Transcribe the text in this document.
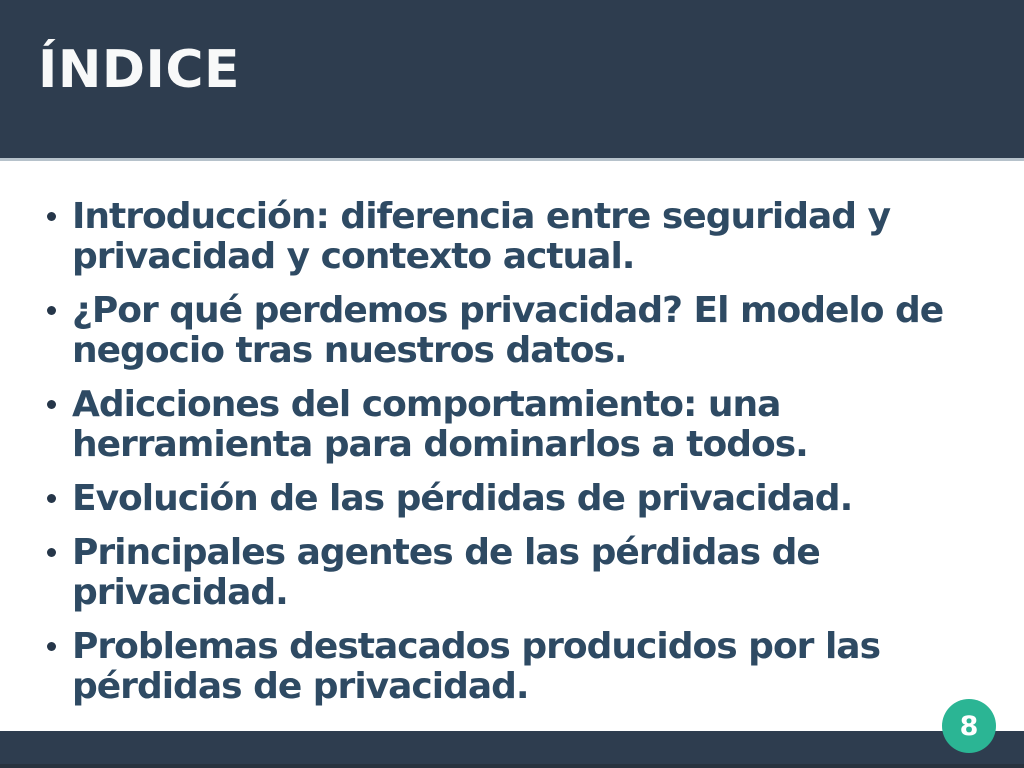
ÍNDICE
Introducción: diferencia entre seguridad y
privacidad y contexto actual.
¿Por qué perdemos privacidad? El modelo de
negocio tras nuestros datos.
Adicciones del comportamiento: una
herramienta para dominarlos a todos.
Evolución de las pérdidas de privacidad.
Principales agentes de las pérdidas de
privacidad.
Problemas destacados producidos por las
pérdidas de privacidad.
8
